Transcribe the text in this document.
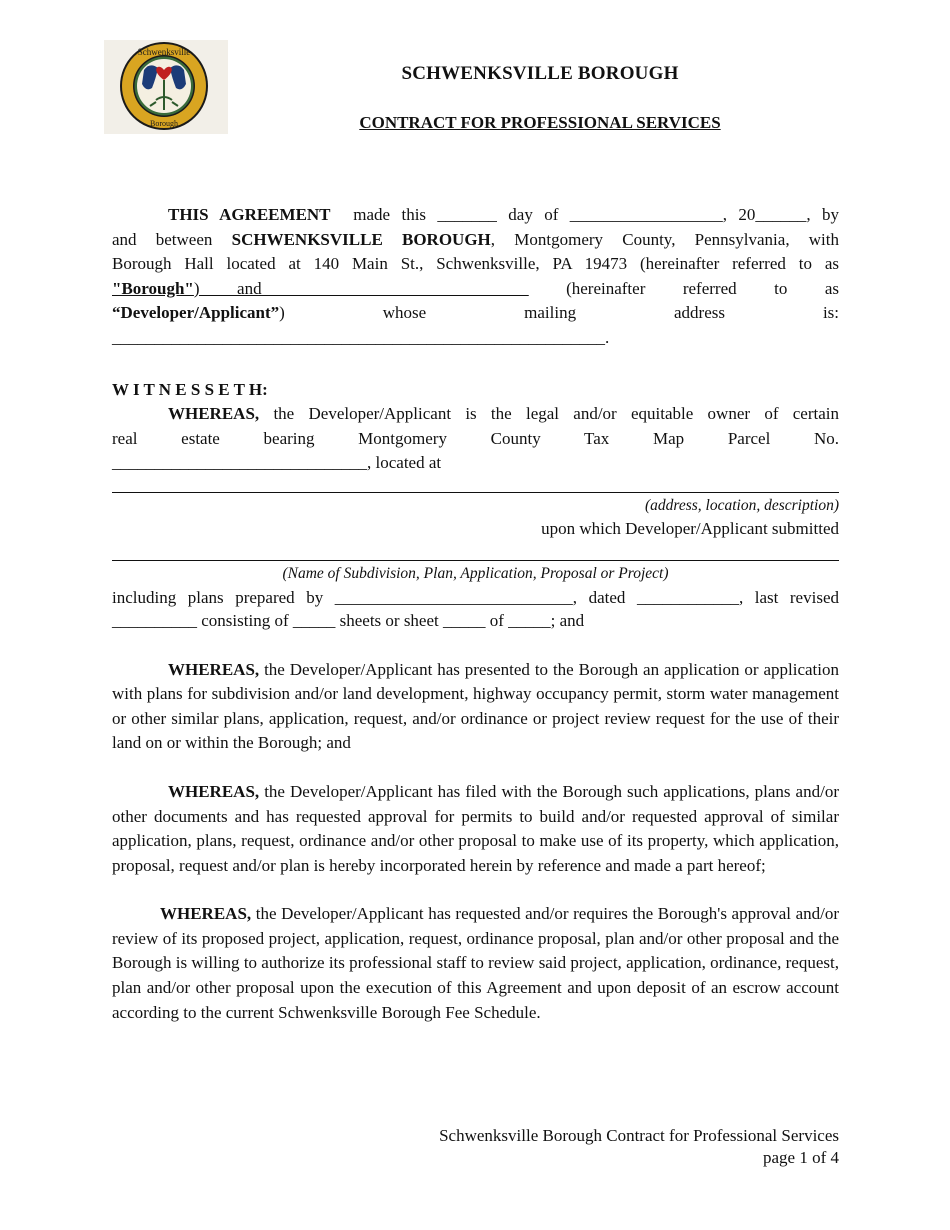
Schwenksville
Borough
SCHWENKSVILLE BOROUGH
CONTRACT FOR PROFESSIONAL SERVICES

THIS AGREEMENT made this _______ day of __________________, 20______, by

and between SCHWENKSVILLE BOROUGH, Montgomery County, Pennsylvania, with

Borough Hall located at 140 Main St., Schwenksville, PA 19473 (hereinafter referred to as

"Borough") and ___________________________ (hereinafter referred to as

“Developer/Applicant”)	whose mailing address is:

__________________________________________________________.

W I T N E S S E T H:

WHEREAS, the Developer/Applicant is the legal and/or equitable owner of certain

real estate bearing Montgomery County Tax Map Parcel No.

______________________________, located at

(address, location, description)

upon which Developer/Applicant submitted

(Name of Subdivision, Plan, Application, Proposal or Project)

including plans prepared by ____________________________, dated ____________, last revised

__________ consisting of _____ sheets or sheet _____ of _____; and

WHEREAS, the Developer/Applicant has presented to the Borough an application or application with plans for subdivision and/or land development, highway occupancy permit, storm water management or other similar plans, application, request, and/or ordinance or project review request for the use of their land on or within the Borough; and

WHEREAS, the Developer/Applicant has filed with the Borough such applications, plans and/or other documents and has requested approval for permits to build and/or requested approval of similar application, plans, request, ordinance and/or other proposal to make use of its property, which application, proposal, request and/or plan is hereby incorporated herein by reference and made a part hereof;

WHEREAS, the Developer/Applicant has requested and/or requires the Borough's approval and/or review of its proposed project, application, request, ordinance proposal, plan and/or other proposal and the Borough is willing to authorize its professional staff to review said project, application, ordinance, request, plan and/or other proposal upon the execution of this Agreement and upon deposit of an escrow account according to the current Schwenksville Borough Fee Schedule.

Schwenksville Borough Contract for Professional Services
page 1 of 4
